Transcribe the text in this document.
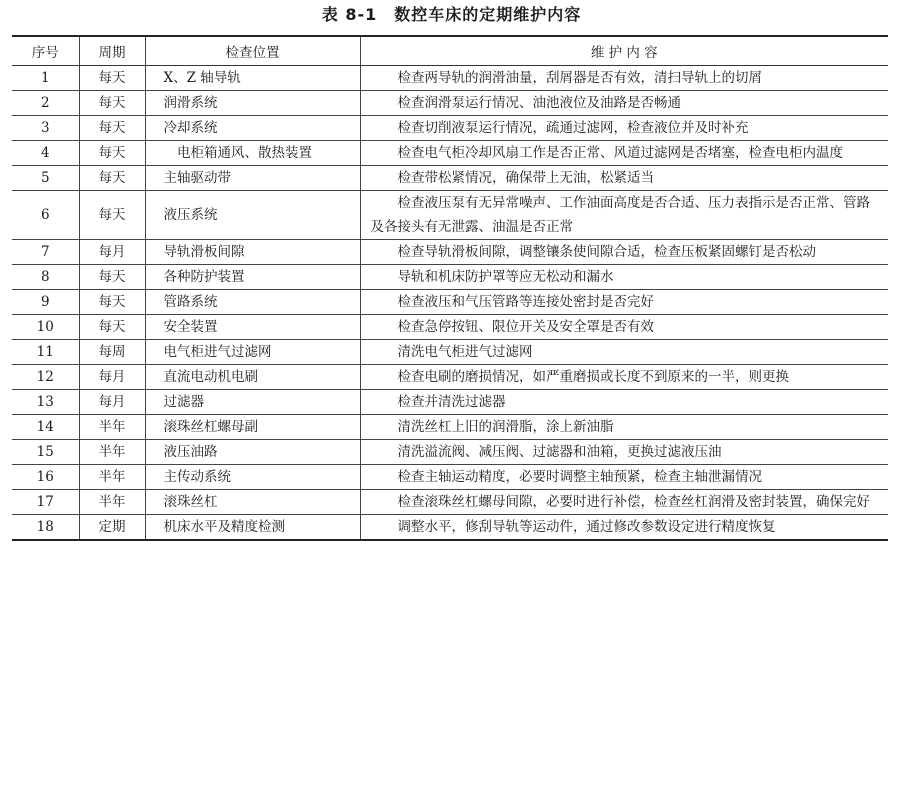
表 8-1　数控车床的定期维护内容
序号	周期	检查位置	维 护 内 容
1	每天	X、Z 轴导轨	检查两导轨的润滑油量，刮屑器是否有效，清扫导轨上的切屑

2	每天	润滑系统	检查润滑泵运行情况、油池液位及油路是否畅通

3	每天	冷却系统	检查切削液泵运行情况，疏通过滤网，检查液位并及时补充

4	每天	电柜箱通风、散热装置	检查电气柜冷却风扇工作是否正常、风道过滤网是否堵塞，检查电柜内温度

5	每天	主轴驱动带	检查带松紧情况，确保带上无油，松紧适当

6	每天	液压系统	检查液压泵有无异常噪声、工作油面高度是否合适、压力表指示是否正常、管路及各接头有无泄露、油温是否正常

7	每月	导轨滑板间隙	检查导轨滑板间隙，调整镶条使间隙合适，检查压板紧固螺钉是否松动

8	每天	各种防护装置	导轨和机床防护罩等应无松动和漏水

9	每天	管路系统	检查液压和气压管路等连接处密封是否完好

10	每天	安全装置	检查急停按钮、限位开关及安全罩是否有效

11	每周	电气柜进气过滤网	清洗电气柜进气过滤网

12	每月	直流电动机电刷	检查电刷的磨损情况，如严重磨损或长度不到原来的一半，则更换

13	每月	过滤器	检查并清洗过滤器

14	半年	滚珠丝杠螺母副	清洗丝杠上旧的润滑脂，涂上新油脂

15	半年	液压油路	清洗溢流阀、减压阀、过滤器和油箱，更换过滤液压油

16	半年	主传动系统	检查主轴运动精度，必要时调整主轴预紧，检查主轴泄漏情况

17	半年	滚珠丝杠	检查滚珠丝杠螺母间隙，必要时进行补偿，检查丝杠润滑及密封装置，确保完好

18	定期	机床水平及精度检测	调整水平，修刮导轨等运动件，通过修改参数设定进行精度恢复
